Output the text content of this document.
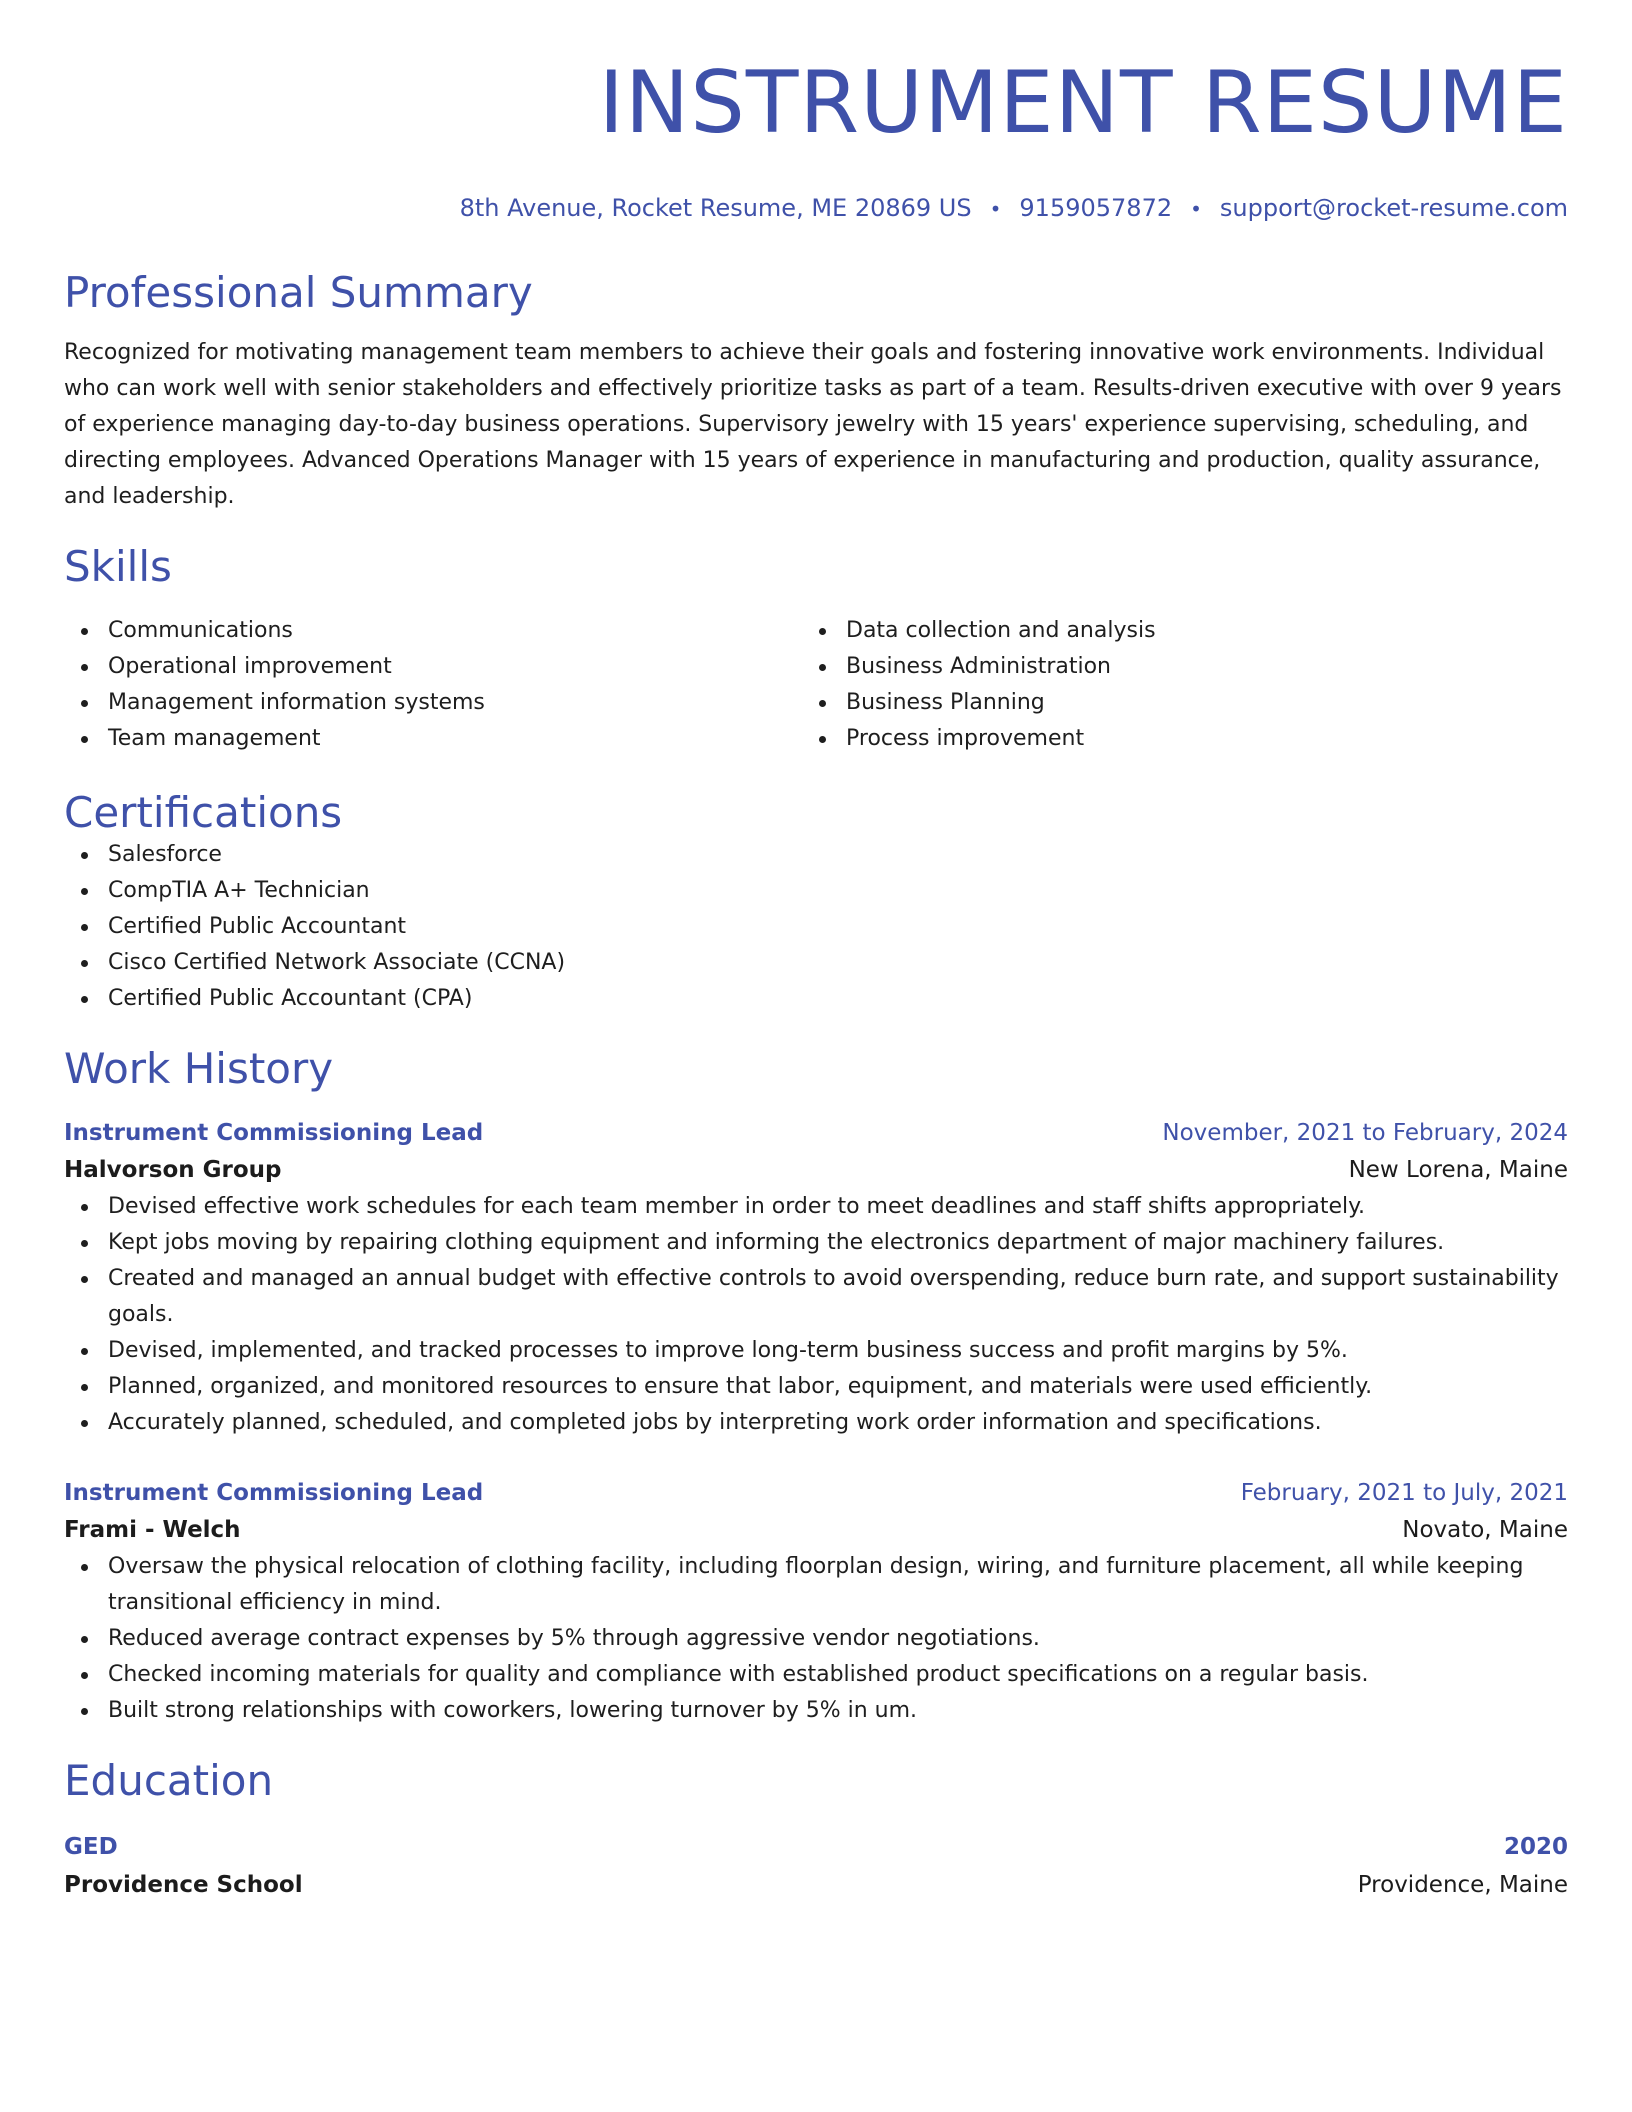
INSTRUMENT RESUME
8th Avenue, Rocket Resume, ME 20869 US • 9159057872 • support@rocket-resume.com
Professional Summary

Recognized for motivating management team members to achieve their goals and fostering innovative work environments. Individual who can work well with senior stakeholders and effectively prioritize tasks as part of a team. Results-driven executive with over 9 years of experience managing day-to-day business operations. Supervisory jewelry with 15 years' experience supervising, scheduling, and directing employees. Advanced Operations Manager with 15 years of experience in manufacturing and production, quality assurance, and leadership.

Skills
Communications
Operational improvement
Management information systems
Team management
Data collection and analysis
Business Administration
Business Planning
Process improvement
Certifications
Salesforce
CompTIA A+ Technician
Certified Public Accountant
Cisco Certified Network Associate (CCNA)
Certified Public Accountant (CPA)
Work History
Instrument Commissioning Lead	November, 2021 to February, 2024
Halvorson Group	New Lorena, Maine
Devised effective work schedules for each team member in order to meet deadlines and staff shifts appropriately.
Kept jobs moving by repairing clothing equipment and informing the electronics department of major machinery failures.
Created and managed an annual budget with effective controls to avoid overspending, reduce burn rate, and support sustainability goals.
Devised, implemented, and tracked processes to improve long-term business success and profit margins by 5%.
Planned, organized, and monitored resources to ensure that labor, equipment, and materials were used efficiently.
Accurately planned, scheduled, and completed jobs by interpreting work order information and specifications.
Instrument Commissioning Lead	February, 2021 to July, 2021
Frami - Welch	Novato, Maine
Oversaw the physical relocation of clothing facility, including floorplan design, wiring, and furniture placement, all while keeping transitional efficiency in mind.
Reduced average contract expenses by 5% through aggressive vendor negotiations.
Checked incoming materials for quality and compliance with established product specifications on a regular basis.
Built strong relationships with coworkers, lowering turnover by 5% in um.
Education
GED	2020
Providence School	Providence, Maine
